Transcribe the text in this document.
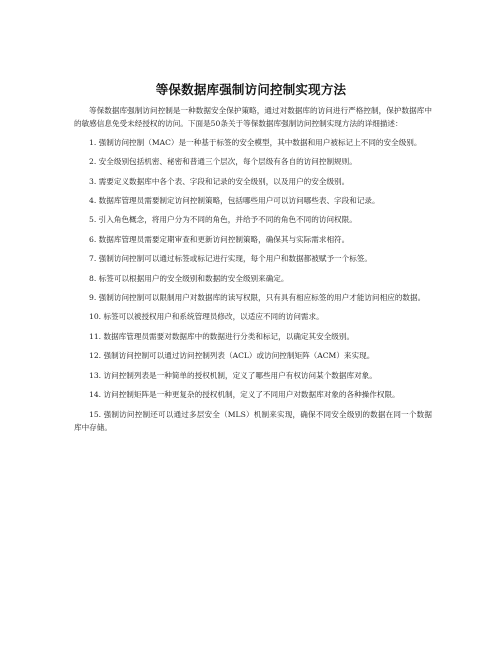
等保数据库强制访问控制实现方法

等保数据库强制访问控制是一种数据安全保护策略，通过对数据库的访问进行严格控制，保护数据库中的敏感信息免受未经授权的访问。下面是50条关于等保数据库强制访问控制实现方法的详细描述：

1. 强制访问控制（MAC）是一种基于标签的安全模型，其中数据和用户被标记上不同的安全级别。

2. 安全级别包括机密、秘密和普通三个层次，每个层级有各自的访问控制规则。

3. 需要定义数据库中各个表、字段和记录的安全级别，以及用户的安全级别。

4. 数据库管理员需要制定访问控制策略，包括哪些用户可以访问哪些表、字段和记录。

5. 引入角色概念，将用户分为不同的角色，并给予不同的角色不同的访问权限。

6. 数据库管理员需要定期审查和更新访问控制策略，确保其与实际需求相符。

7. 强制访问控制可以通过标签或标记进行实现，每个用户和数据都被赋予一个标签。

8. 标签可以根据用户的安全级别和数据的安全级别来确定。

9. 强制访问控制可以限制用户对数据库的读写权限，只有具有相应标签的用户才能访问相应的数据。

10. 标签可以被授权用户和系统管理员修改，以适应不同的访问需求。

11. 数据库管理员需要对数据库中的数据进行分类和标记，以确定其安全级别。

12. 强制访问控制可以通过访问控制列表（ACL）或访问控制矩阵（ACM）来实现。

13. 访问控制列表是一种简单的授权机制，定义了哪些用户有权访问某个数据库对象。

14. 访问控制矩阵是一种更复杂的授权机制，定义了不同用户对数据库对象的各种操作权限。

15. 强制访问控制还可以通过多层安全（MLS）机制来实现，确保不同安全级别的数据在同一个数据库中存储。
